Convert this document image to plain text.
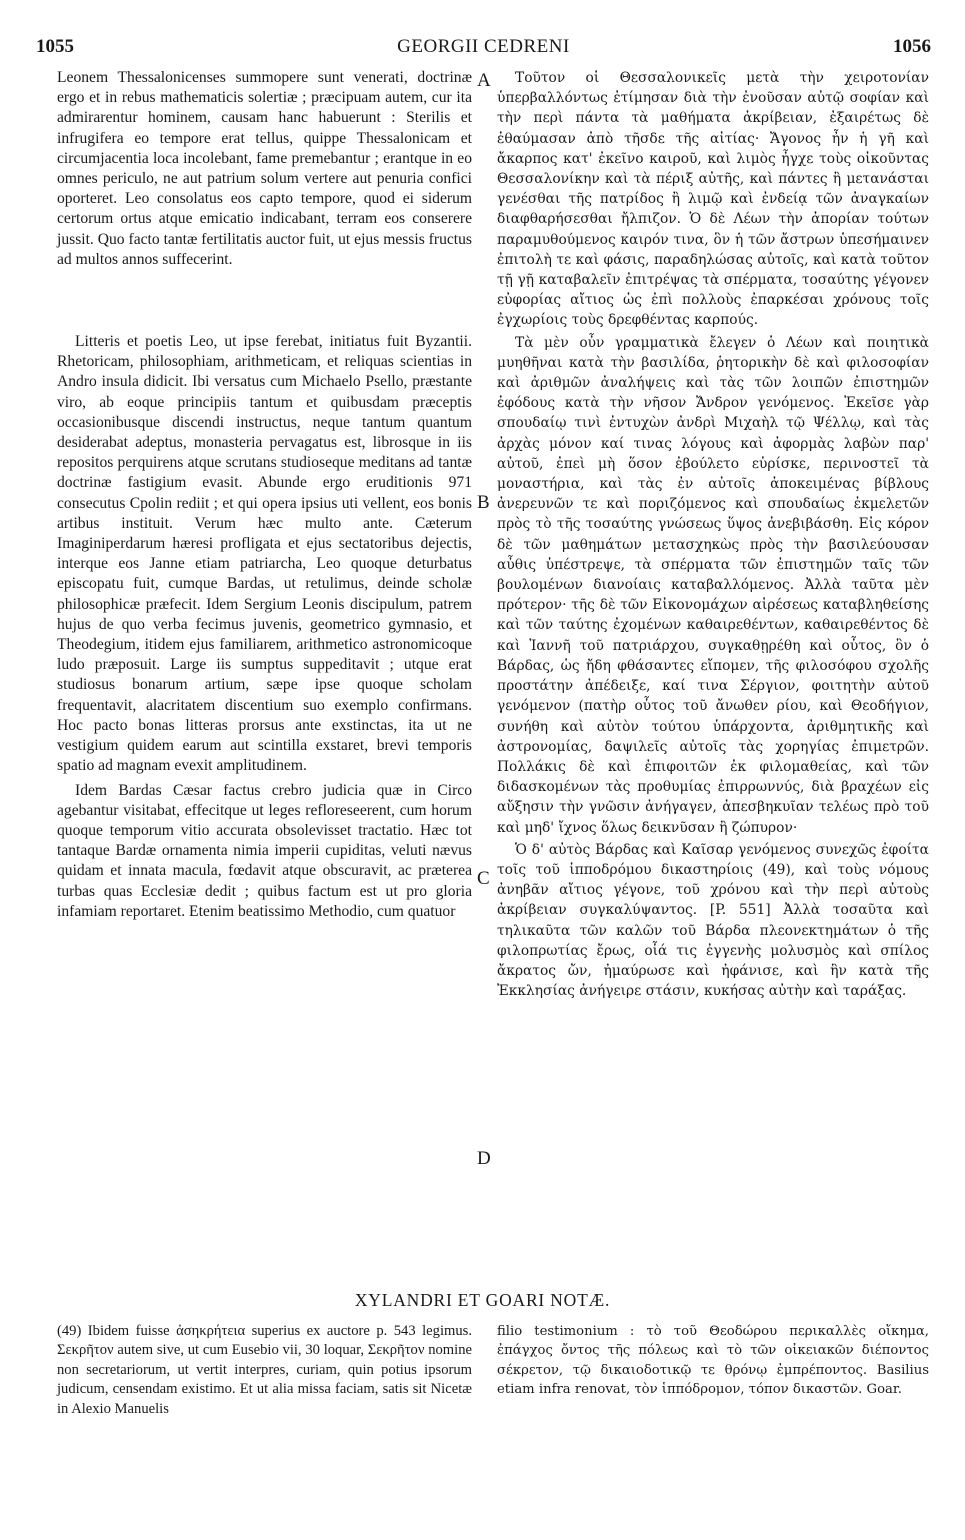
1055	GEORGII CEDRENI	1056
A
B
C
D

Leonem Thessalonicenses summopere sunt venerati, doctrinæ ergo et in rebus mathematicis solertiæ ; præcipuam autem, cur ita admirarentur hominem, causam hanc habuerunt : Sterilis et infrugifera eo tempore erat tellus, quippe Thessalonicam et circumjacentia loca incolebant, fame premebantur ; erantque in eo omnes periculo, ne aut patrium solum vertere aut penuria confici oporteret. Leo consolatus eos capto tempore, quod ei siderum certorum ortus atque emicatio indicabant, terram eos conserere jussit. Quo facto tantæ fertilitatis auctor fuit, ut ejus messis fructus ad multos annos suffecerint.

Litteris et poetis Leo, ut ipse ferebat, initiatus fuit Byzantii. Rhetoricam, philosophiam, arithmeticam, et reliquas scientias in Andro insula didicit. Ibi versatus cum Michaelo Psello, præstante viro, ab eoque principiis tantum et quibusdam præceptis occasionibusque discendi instructus, neque tantum quantum desiderabat adeptus, monasteria pervagatus est, librosque in iis repositos perquirens atque scrutans studioseque meditans ad tantæ doctrinæ fastigium evasit. Abunde ergo eruditionis 971 consecutus Cpolin rediit ; et qui opera ipsius uti vellent, eos bonis artibus instituit. Verum hæc multo ante. Cæterum Imaginiperdarum hæresi profligata et ejus sectatoribus dejectis, interque eos Janne etiam patriarcha, Leo quoque deturbatus episcopatu fuit, cumque Bardas, ut retulimus, deinde scholæ philosophicæ præfecit. Idem Sergium Leonis discipulum, patrem hujus de quo verba fecimus juvenis, geometrico gymnasio, et Theodegium, itidem ejus familiarem, arithmetico astronomicoque ludo præposuit. Large iis sumptus suppeditavit ; utque erat studiosus bonarum artium, sæpe ipse quoque scholam frequentavit, alacritatem discentium suo exemplo confirmans. Hoc pacto bonas litteras prorsus ante exstinctas, ita ut ne vestigium quidem earum aut scintilla exstaret, brevi temporis spatio ad magnam evexit amplitudinem.

Idem Bardas Cæsar factus crebro judicia quæ in Circo agebantur visitabat, effecitque ut leges refloreseerent, cum horum quoque temporum vitio accurata obsolevisset tractatio. Hæc tot tantaque Bardæ ornamenta nimia imperii cupiditas, veluti nævus quidam et innata macula, fœdavit atque obscuravit, ac præterea turbas quas Ecclesiæ dedit ; quibus factum est ut pro gloria infamiam reportaret. Etenim beatissimo Methodio, cum quatuor

Τοῦτον οἱ Θεσσαλονικεῖς μετὰ τὴν χειροτονίαν ὑπερβαλλόντως ἐτίμησαν διὰ τὴν ἐνοῦσαν αὐτῷ σοφίαν καὶ τὴν περὶ πάντα τὰ μαθήματα ἀκρίβειαν, ἐξαιρέτως δὲ ἐθαύμασαν ἀπὸ τῆσδε τῆς αἰτίας· Ἄγονος ἦν ἡ γῆ καὶ ἄκαρπος κατ' ἐκεῖνο καιροῦ, καὶ λιμὸς ἦγχε τοὺς οἰκοῦντας Θεσσαλονίκην καὶ τὰ πέριξ αὐτῆς, καὶ πάντες ἢ μετανάσται γενέσθαι τῆς πατρίδος ἢ λιμῷ καὶ ἐνδείᾳ τῶν ἀναγκαίων διαφθαρήσεσθαι ἤλπιζον. Ὁ δὲ Λέων τὴν ἀπορίαν τούτων παραμυθούμενος καιρόν τινα, ὃν ἡ τῶν ἄστρων ὑπεσήμαινεν ἐπιτολὴ τε καὶ φάσις, παραδηλώσας αὐτοῖς, καὶ κατὰ τοῦτον τῇ γῇ καταβαλεῖν ἐπιτρέψας τὰ σπέρματα, τοσαύτης γέγονεν εὐφορίας αἴτιος ὡς ἐπὶ πολλοὺς ἐπαρκέσαι χρόνους τοῖς ἐγχωρίοις τοὺς δρεφθέντας καρπούς.

Τὰ μὲν οὖν γραμματικὰ ἔλεγεν ὁ Λέων καὶ ποιητικὰ μυηθῆναι κατὰ τὴν βασιλίδα, ῥητορικὴν δὲ καὶ φιλοσοφίαν καὶ ἀριθμῶν ἀναλήψεις καὶ τὰς τῶν λοιπῶν ἐπιστημῶν ἐφόδους κατὰ τὴν νῆσον Ἄνδρον γενόμενος. Ἐκεῖσε γὰρ σπουδαίῳ τινὶ ἐντυχὼν ἀνδρὶ Μιχαὴλ τῷ Ψέλλῳ, καὶ τὰς ἀρχὰς μόνον καί τινας λόγους καὶ ἀφορμὰς λαβὼν παρ' αὐτοῦ, ἐπεὶ μὴ ὅσον ἐβούλετο εὑρίσκε, περινοστεῖ τὰ μοναστήρια, καὶ τὰς ἐν αὐτοῖς ἀποκειμένας βίβλους ἀνερευνῶν τε καὶ ποριζόμενος καὶ σπουδαίως ἐκμελετῶν πρὸς τὸ τῆς τοσαύτης γνώσεως ὕψος ἀνεβιβάσθη. Εἰς κόρον δὲ τῶν μαθημάτων μετασχηκὼς πρὸς τὴν βασιλεύουσαν αὖθις ὑπέστρεψε, τὰ σπέρματα τῶν ἐπιστημῶν ταῖς τῶν βουλομένων διανοίαις καταβαλλόμενος. Ἀλλὰ ταῦτα μὲν πρότερον· τῆς δὲ τῶν Εἰκονομάχων αἱρέσεως καταβληθείσης καὶ τῶν ταύτης ἐχομένων καθαιρεθέντων, καθαιρεθέντος δὲ καὶ Ἰαννῆ τοῦ πατριάρχου, συγκαθῃρέθη καὶ οὗτος, ὃν ὁ Βάρδας, ὡς ἤδη φθάσαντες εἴπομεν, τῆς φιλοσόφου σχολῆς προστάτην ἀπέδειξε, καί τινα Σέργιον, φοιτητὴν αὐτοῦ γενόμενον (πατὴρ οὗτος τοῦ ἄνωθεν ρίου, καὶ Θεοδήγιον, συνήθη καὶ αὐτὸν τούτου ὑπάρχοντα, ἀριθμητικῆς καὶ ἀστρονομίας, δαψιλεῖς αὐτοῖς τὰς χορηγίας ἐπιμετρῶν. Πολλάκις δὲ καὶ ἐπιφοιτῶν ἐκ φιλομαθείας, καὶ τῶν διδασκομένων τὰς προθυμίας ἐπιρρωννύς, διὰ βραχέων εἰς αὔξησιν τὴν γνῶσιν ἀνήγαγεν, ἀπεσβηκυῖαν τελέως πρὸ τοῦ καὶ μηδ' ἴχνος ὅλως δεικνῦσαν ἢ ζώπυρον·

Ὁ δ' αὐτὸς Βάρδας καὶ Καῖσαρ γενόμενος συνεχῶς ἐφοίτα τοῖς τοῦ ἱπποδρόμου δικαστηρίοις (49), καὶ τοὺς νόμους ἀνηβᾶν αἴτιος γέγονε, τοῦ χρόνου καὶ τὴν περὶ αὐτοὺς ἀκρίβειαν συγκαλύψαντος. [P. 551] Ἀλλὰ τοσαῦτα καὶ τηλικαῦτα τῶν καλῶν τοῦ Βάρδα πλεονεκτημάτων ὁ τῆς φιλοπρωτίας ἔρως, οἷά τις ἐγγενὴς μολυσμὸς καὶ σπίλος ἄκρατος ὤν, ἠμαύρωσε καὶ ἠφάνισε, καὶ ἣν κατὰ τῆς Ἐκκλησίας ἀνήγειρε στάσιν, κυκήσας αὐτὴν καὶ ταράξας.

XYLANDRI ET GOARI NOTÆ.

(49) Ibidem fuisse ἀσηκρήτεια superius ex auctore p. 543 legimus. Σεκρῆτον autem sive, ut cum Eusebio vii, 30 loquar, Σεκρῆτον nomine non secretariorum, ut vertit interpres, curiam, quin potius ipsorum judicum, censendam existimo. Et ut alia missa faciam, satis sit Nicetæ in Alexio Manuelis

filio testimonium : τὸ τοῦ Θεοδώρου περικαλλὲς οἴκημα, ἐπάγχος ὄντος τῆς πόλεως καὶ τὸ τῶν οἰκειακῶν διέποντος σέκρετον, τῷ δικαιοδοτικῷ τε θρόνῳ ἐμπρέποντος. Basilius etiam infra renovat, τὸν ἱππόδρομον, τόπον δικαστῶν. Goar.
